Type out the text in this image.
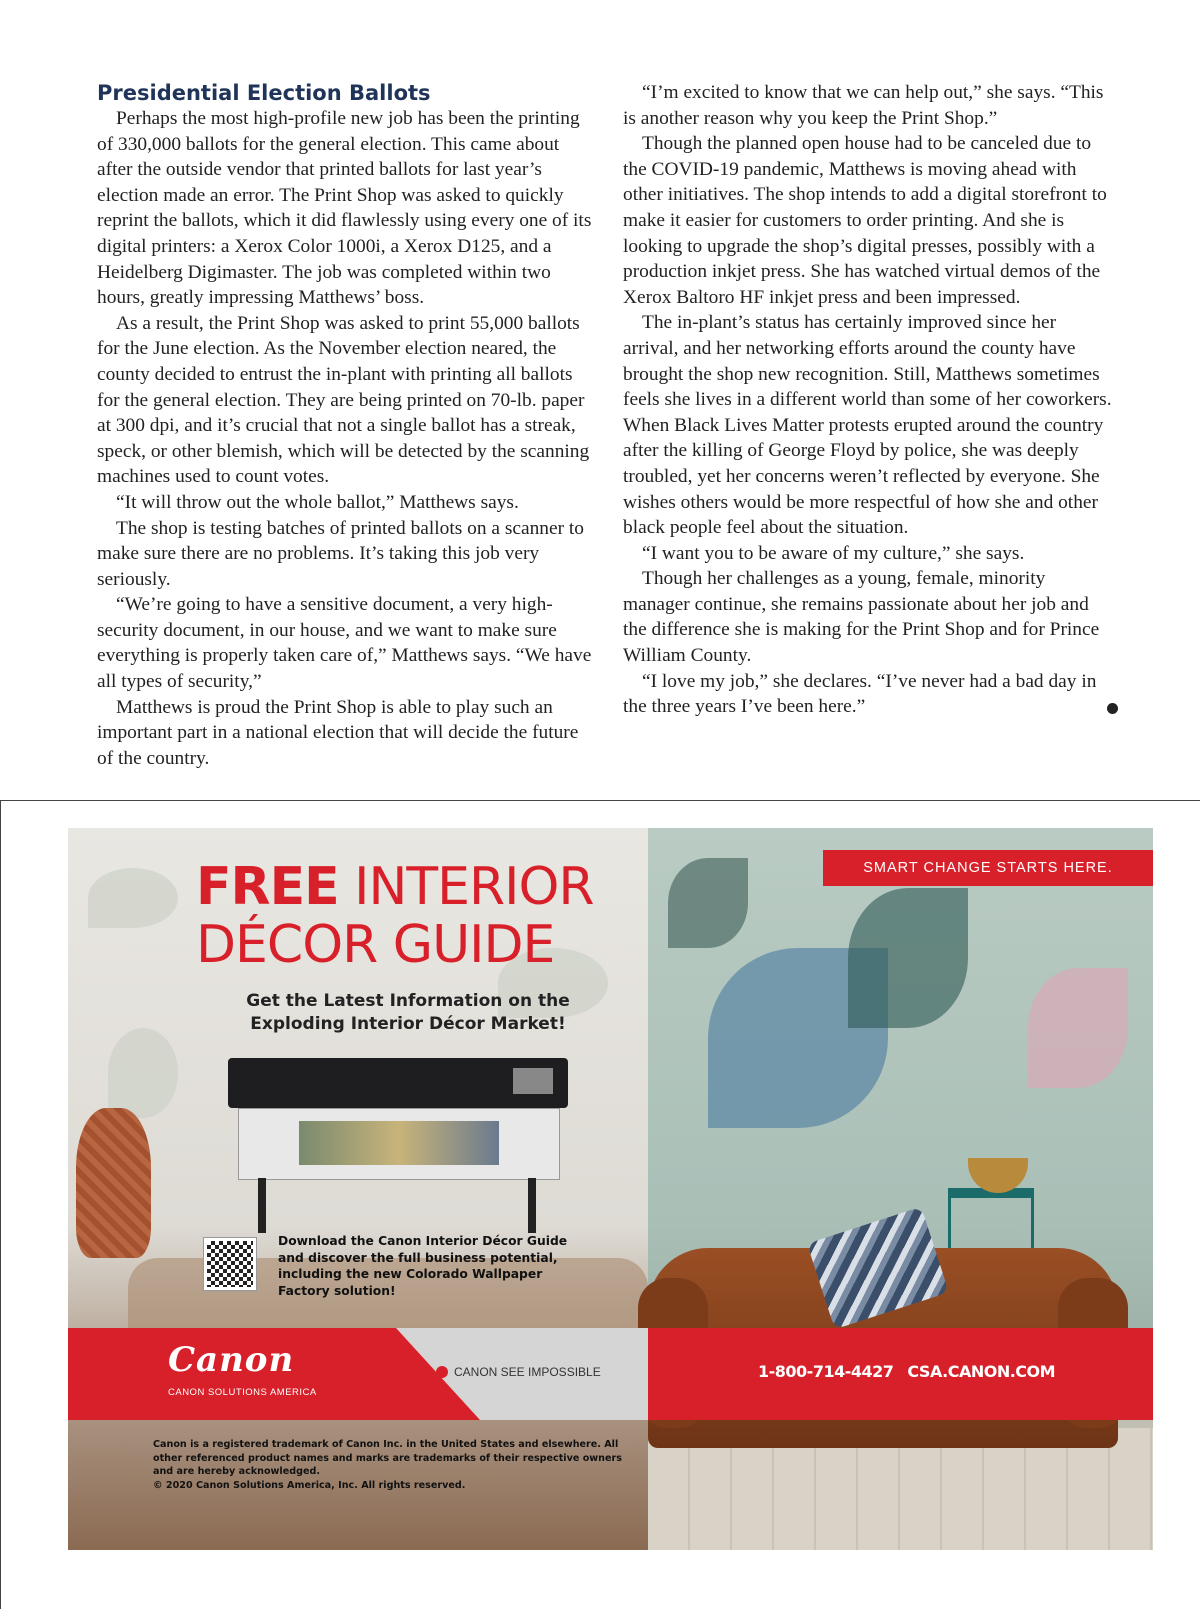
Presidential Election Ballots

Perhaps the most high-profile new job has been the printing of 330,000 ballots for the general election. This came about after the outside vendor that printed ballots for last year’s election made an error. The Print Shop was asked to quickly reprint the ballots, which it did flawlessly using every one of its digital printers: a Xerox Color 1000i, a Xerox D125, and a Heidelberg Digimaster. The job was completed within two hours, greatly impressing Matthews’ boss.

As a result, the Print Shop was asked to print 55,000 ballots for the June election. As the November election neared, the county decided to entrust the in-plant with printing all ballots for the general election. They are being printed on 70-lb. paper at 300 dpi, and it’s crucial that not a single ballot has a streak, speck, or other blemish, which will be detected by the scanning machines used to count votes.

“It will throw out the whole ballot,” Matthews says.

The shop is testing batches of printed ballots on a scanner to make sure there are no problems. It’s taking this job very seriously.

“We’re going to have a sensitive document, a very high-security document, in our house, and we want to make sure everything is properly taken care of,” Matthews says. “We have all types of security,”

Matthews is proud the Print Shop is able to play such an important part in a national election that will decide the future of the country.

“I’m excited to know that we can help out,” she says. “This is another reason why you keep the Print Shop.”

Though the planned open house had to be canceled due to the COVID-19 pandemic, Matthews is moving ahead with other initiatives. The shop intends to add a digital storefront to make it easier for customers to order printing. And she is looking to upgrade the shop’s digital presses, possibly with a production inkjet press. She has watched virtual demos of the Xerox Baltoro HF inkjet press and been impressed.

The in-plant’s status has certainly improved since her arrival, and her networking efforts around the county have brought the shop new recognition. Still, Matthews sometimes feels she lives in a different world than some of her coworkers. When Black Lives Matter protests erupted around the country after the killing of George Floyd by police, she was deeply troubled, yet her concerns weren’t reflected by everyone. She wishes others would be more respectful of how she and other black people feel about the situation.

“I want you to be aware of my culture,” she says.

Though her challenges as a young, female, minority manager continue, she remains passionate about her job and the difference she is making for the Print Shop and for Prince William County.

“I love my job,” she declares. “I’ve never had a bad day in the three years I’ve been here.”

SMART CHANGE STARTS HERE.
FREE INTERIOR
DÉCOR GUIDE
Get the Latest Information on the Exploding Interior Décor Market!
Download the Canon Interior Décor Guide and discover the full business potential, including the new Colorado Wallpaper Factory solution!
Canon
CANON SOLUTIONS AMERICA
CANON SEE IMPOSSIBLE	1-800-714-4427 CSA.CANON.COM
Canon is a registered trademark of Canon Inc. in the United States and elsewhere. All other referenced product names and marks are trademarks of their respective owners and are hereby acknowledged.
© 2020 Canon Solutions America, Inc. All rights reserved.
